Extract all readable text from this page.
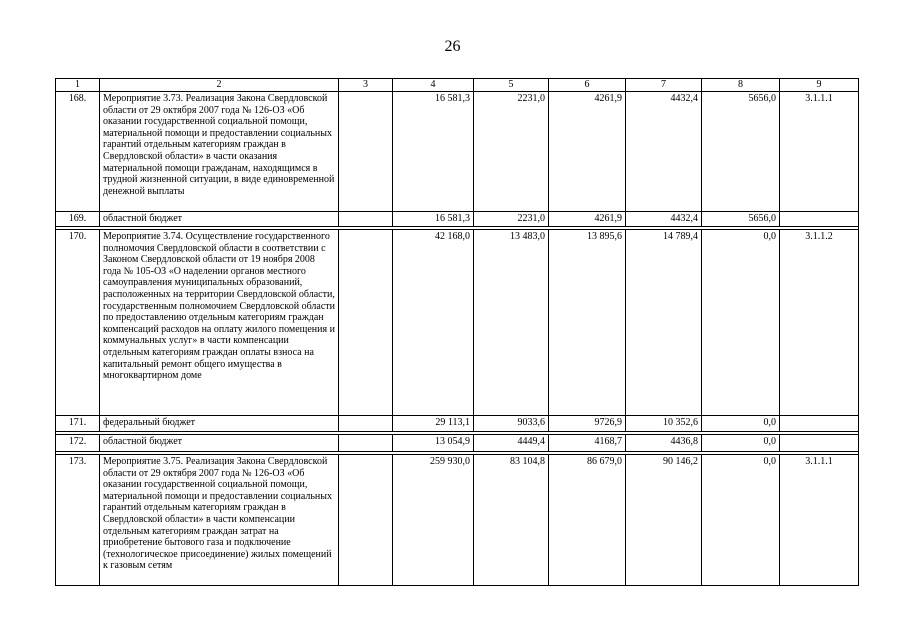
26
1	2	3	4	5	6	7	8	9
168.	Мероприятие 3.73. Реализация Закона Свердловской области от 29 октября 2007 года № 126-ОЗ «Об оказании государственной социальной помощи, материальной помощи и предоставлении социальных гарантий отдельным категориям граждан в Свердловской области» в части оказания материальной помощи гражданам, находящимся в трудной жизненной ситуации, в виде единовременной денежной выплаты		16 581,3	2231,0	4261,9	4432,4	5656,0	3.1.1.1
169.	областной бюджет		16 581,3	2231,0	4261,9	4432,4	5656,0	

170.	Мероприятие 3.74. Осуществление государственного полномочия Свердловской области в соответствии с Законом Свердловской области от 19 ноября 2008 года № 105-ОЗ «О наделении органов местного самоуправления муниципальных образований, расположенных на территории Свердловской области, государственным полномочием Свердловской области по предоставлению отдельным категориям граждан компенсаций расходов на оплату жилого помещения и коммунальных услуг» в части компенсации отдельным категориям граждан оплаты взноса на капитальный ремонт общего имущества в многоквартирном доме		42 168,0	13 483,0	13 895,6	14 789,4	0,0	3.1.1.2
171.	федеральный бюджет		29 113,1	9033,6	9726,9	10 352,6	0,0	

172.	областной бюджет		13 054,9	4449,4	4168,7	4436,8	0,0	

173.	Мероприятие 3.75. Реализация Закона Свердловской области от 29 октября 2007 года № 126-ОЗ «Об оказании государственной социальной помощи, материальной помощи и предоставлении социальных гарантий отдельным категориям граждан в Свердловской области» в части компенсации отдельным категориям граждан затрат на приобретение бытового газа и подключение (технологическое присоединение) жилых помещений к газовым сетям		259 930,0	83 104,8	86 679,0	90 146,2	0,0	3.1.1.1
